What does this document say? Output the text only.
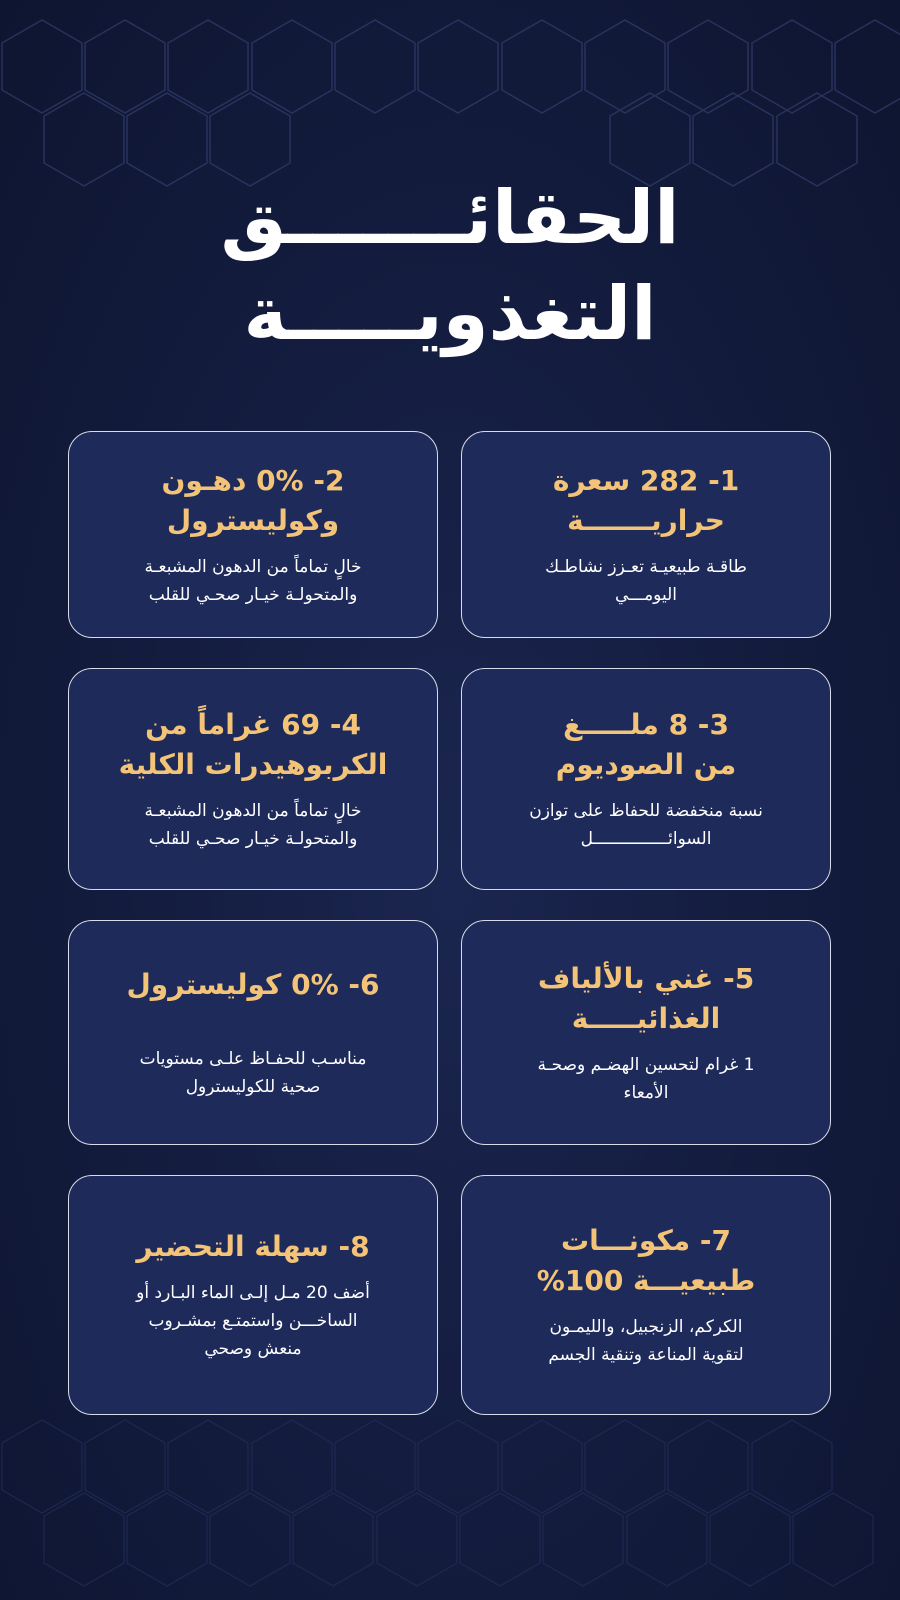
الحقائـــــــق
التغذويـــــة

1- 282 سعرة
حراريـــــــة

طاقـة طبيعيـة تعـزز نشاطـك
اليومـــي

2- 0% دهـون
وكوليسترول

خالٍ تماماً من الدهون المشبعـة
والمتحولـة خيـار صحـي للقلب

3- 8 ملـــــغ
من الصوديوم

نسبة منخفضة للحفاظ على توازن
السوائـــــــــــــــل

4- 69 غراماً من
الكربوهيدرات الكلية

خالٍ تماماً من الدهون المشبعـة
والمتحولـة خيـار صحـي للقلب

5- غني بالألياف
الغذائيـــــة

1 غرام لتحسين الهضـم وصحـة
الأمعاء

6- 0% كوليسترول

مناسـب للحفـاظ علـى مستويات
صحية للكوليسترول

7- مكونـــات
طبيعيـــة 100%

الكركم، الزنجبيل، والليمـون
لتقوية المناعة وتنقية الجسم

8- سهلة التحضير

أضف 20 مـل إلـى الماء البـارد أو
الساخـــن واستمتـع بمشـروب
منعش وصحي
